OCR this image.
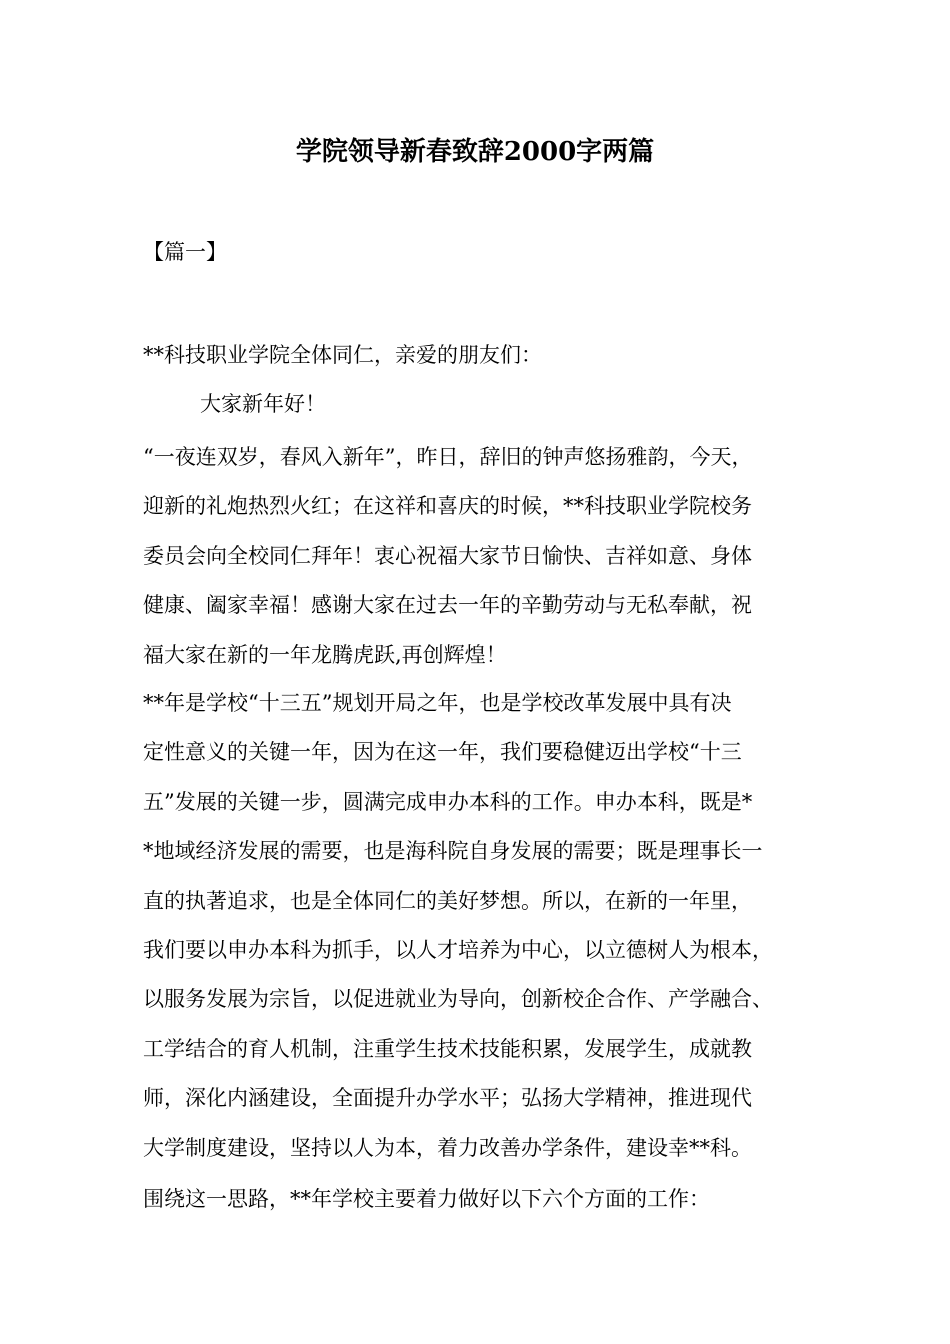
学院领导新春致辞2000字两篇
【篇一】
**科技职业学院全体同仁，亲爱的朋友们：
大家新年好！
“一夜连双岁，春风入新年”，昨日，辞旧的钟声悠扬雅韵，今天，
迎新的礼炮热烈火红；在这祥和喜庆的时候，**科技职业学院校务
委员会向全校同仁拜年！衷心祝福大家节日愉快、吉祥如意、身体
健康、阖家幸福！感谢大家在过去一年的辛勤劳动与无私奉献，祝
福大家在新的一年龙腾虎跃,再创辉煌！
**年是学校“十三五”规划开局之年，也是学校改革发展中具有决
定性意义的关键一年，因为在这一年，我们要稳健迈出学校“十三
五”发展的关键一步，圆满完成申办本科的工作。申办本科，既是*
*地域经济发展的需要，也是海科院自身发展的需要；既是理事长一
直的执著追求，也是全体同仁的美好梦想。所以，在新的一年里，
我们要以申办本科为抓手，以人才培养为中心，以立德树人为根本，
以服务发展为宗旨，以促进就业为导向，创新校企合作、产学融合、
工学结合的育人机制，注重学生技术技能积累，发展学生，成就教
师，深化内涵建设，全面提升办学水平；弘扬大学精神，推进现代
大学制度建设，坚持以人为本，着力改善办学条件，建设幸**科。
围绕这一思路，**年学校主要着力做好以下六个方面的工作：
